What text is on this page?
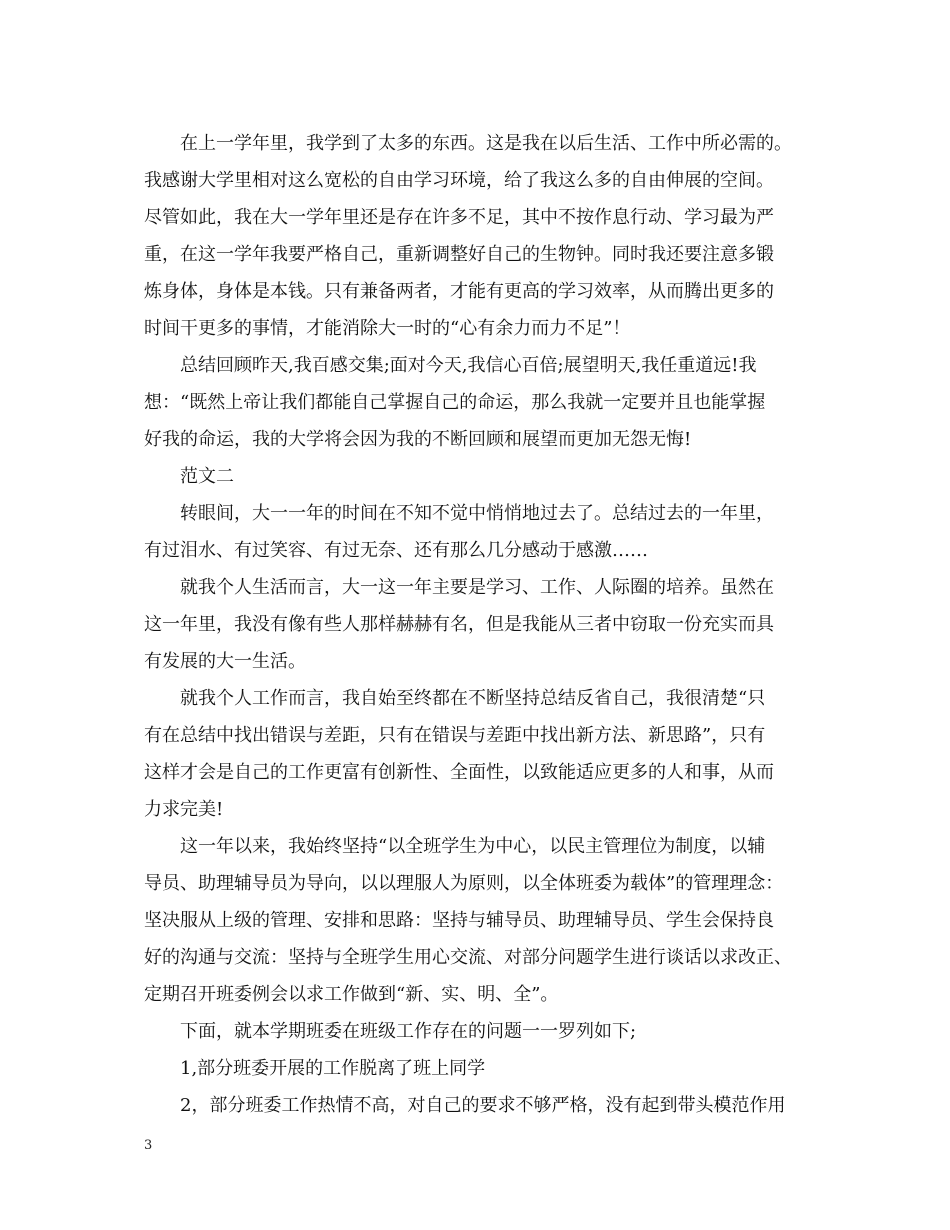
在上一学年里，我学到了太多的东西。这是我在以后生活、工作中所必需的。
我感谢大学里相对这么宽松的自由学习环境，给了我这么多的自由伸展的空间。
尽管如此，我在大一学年里还是存在许多不足，其中不按作息行动、学习最为严
重，在这一学年我要严格自己，重新调整好自己的生物钟。同时我还要注意多锻
炼身体，身体是本钱。只有兼备两者，才能有更高的学习效率，从而腾出更多的
时间干更多的事情，才能消除大一时的“心有余力而力不足”！
总结回顾昨天,我百感交集;面对今天,我信心百倍;展望明天,我任重道远!我
想：“既然上帝让我们都能自己掌握自己的命运，那么我就一定要并且也能掌握
好我的命运，我的大学将会因为我的不断回顾和展望而更加无怨无悔!
范文二
转眼间，大一一年的时间在不知不觉中悄悄地过去了。总结过去的一年里，
有过泪水、有过笑容、有过无奈、还有那么几分感动于感激……
就我个人生活而言，大一这一年主要是学习、工作、人际圈的培养。虽然在
这一年里，我没有像有些人那样赫赫有名，但是我能从三者中窃取一份充实而具
有发展的大一生活。
就我个人工作而言，我自始至终都在不断坚持总结反省自己，我很清楚“只
有在总结中找出错误与差距，只有在错误与差距中找出新方法、新思路”，只有
这样才会是自己的工作更富有创新性、全面性，以致能适应更多的人和事，从而
力求完美!
这一年以来，我始终坚持“以全班学生为中心，以民主管理位为制度，以辅
导员、助理辅导员为导向，以以理服人为原则，以全体班委为载体”的管理理念：
坚决服从上级的管理、安排和思路：坚持与辅导员、助理辅导员、学生会保持良
好的沟通与交流：坚持与全班学生用心交流、对部分问题学生进行谈话以求改正、
定期召开班委例会以求工作做到“新、实、明、全”。
下面，就本学期班委在班级工作存在的问题一一罗列如下;
1,部分班委开展的工作脱离了班上同学
2，部分班委工作热情不高，对自己的要求不够严格，没有起到带头模范作用
3
